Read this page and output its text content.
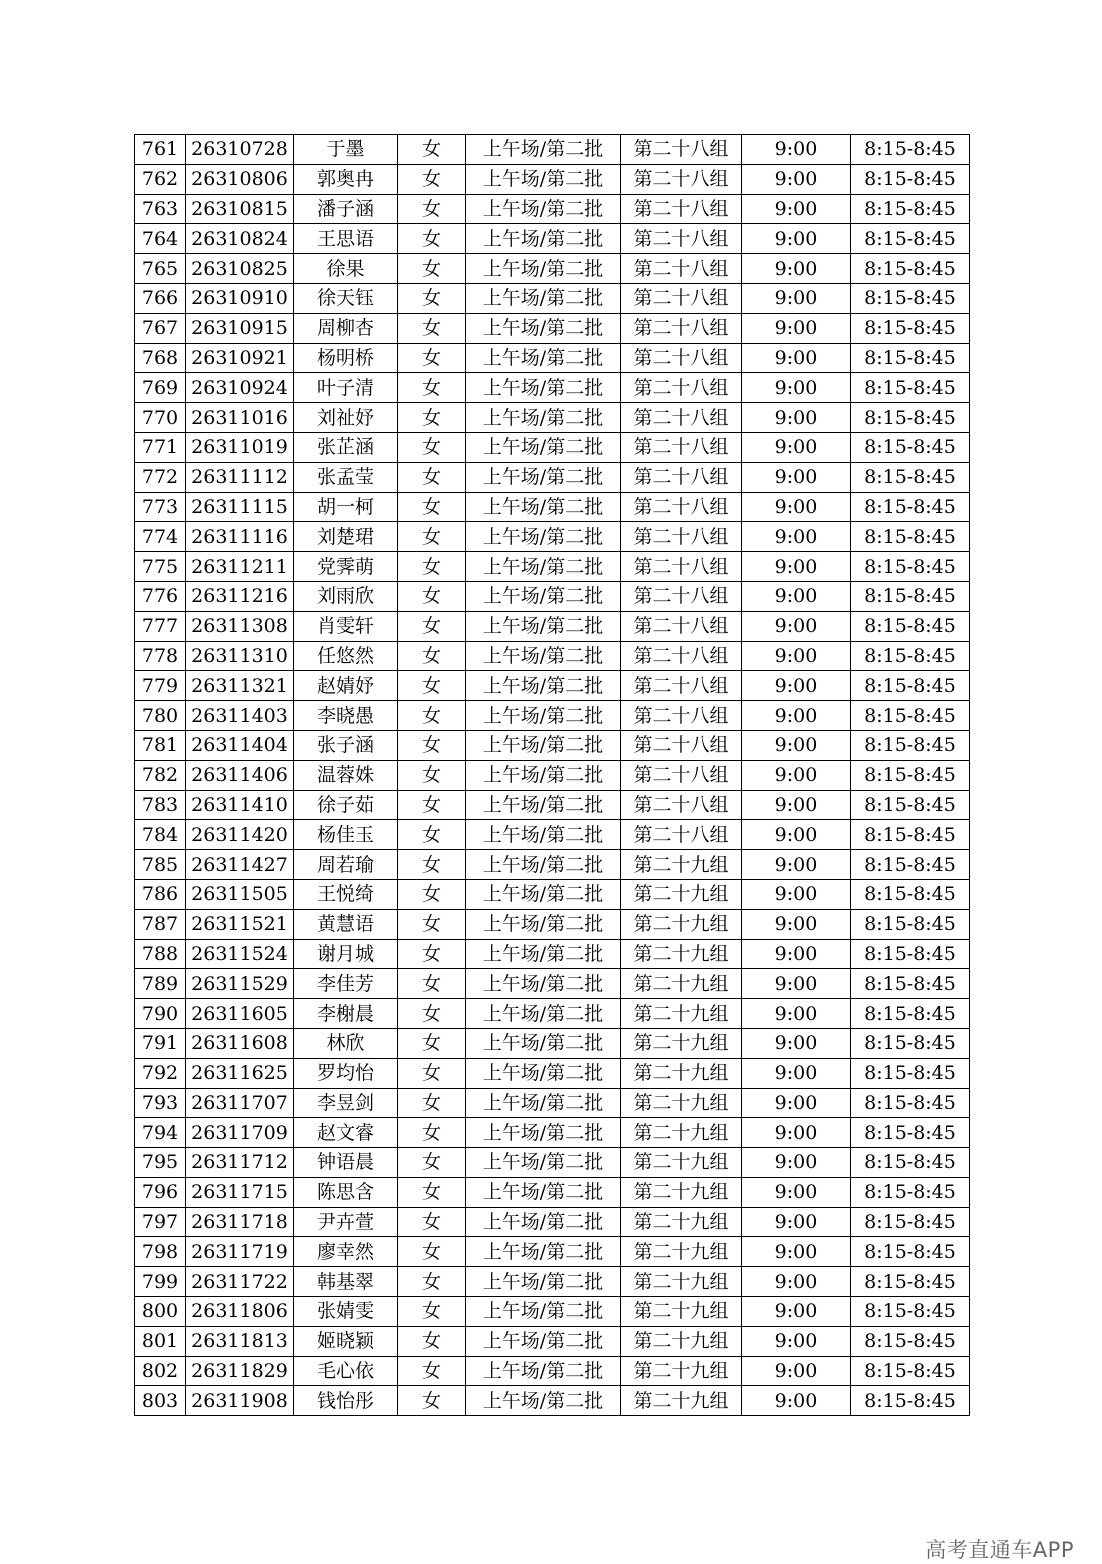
761	26310728	于墨	女	上午场/第二批	第二十八组	9:00	8:15-8:45
762	26310806	郭奥冉	女	上午场/第二批	第二十八组	9:00	8:15-8:45
763	26310815	潘子涵	女	上午场/第二批	第二十八组	9:00	8:15-8:45
764	26310824	王思语	女	上午场/第二批	第二十八组	9:00	8:15-8:45
765	26310825	徐果	女	上午场/第二批	第二十八组	9:00	8:15-8:45
766	26310910	徐天钰	女	上午场/第二批	第二十八组	9:00	8:15-8:45
767	26310915	周柳杏	女	上午场/第二批	第二十八组	9:00	8:15-8:45
768	26310921	杨明桥	女	上午场/第二批	第二十八组	9:00	8:15-8:45
769	26310924	叶子清	女	上午场/第二批	第二十八组	9:00	8:15-8:45
770	26311016	刘祉妤	女	上午场/第二批	第二十八组	9:00	8:15-8:45
771	26311019	张芷涵	女	上午场/第二批	第二十八组	9:00	8:15-8:45
772	26311112	张孟莹	女	上午场/第二批	第二十八组	9:00	8:15-8:45
773	26311115	胡一柯	女	上午场/第二批	第二十八组	9:00	8:15-8:45
774	26311116	刘楚珺	女	上午场/第二批	第二十八组	9:00	8:15-8:45
775	26311211	党霁萌	女	上午场/第二批	第二十八组	9:00	8:15-8:45
776	26311216	刘雨欣	女	上午场/第二批	第二十八组	9:00	8:15-8:45
777	26311308	肖雯轩	女	上午场/第二批	第二十八组	9:00	8:15-8:45
778	26311310	任悠然	女	上午场/第二批	第二十八组	9:00	8:15-8:45
779	26311321	赵婧妤	女	上午场/第二批	第二十八组	9:00	8:15-8:45
780	26311403	李晓愚	女	上午场/第二批	第二十八组	9:00	8:15-8:45
781	26311404	张子涵	女	上午场/第二批	第二十八组	9:00	8:15-8:45
782	26311406	温蓉姝	女	上午场/第二批	第二十八组	9:00	8:15-8:45
783	26311410	徐子茹	女	上午场/第二批	第二十八组	9:00	8:15-8:45
784	26311420	杨佳玉	女	上午场/第二批	第二十八组	9:00	8:15-8:45
785	26311427	周若瑜	女	上午场/第二批	第二十九组	9:00	8:15-8:45
786	26311505	王悦绮	女	上午场/第二批	第二十九组	9:00	8:15-8:45
787	26311521	黄慧语	女	上午场/第二批	第二十九组	9:00	8:15-8:45
788	26311524	谢月城	女	上午场/第二批	第二十九组	9:00	8:15-8:45
789	26311529	李佳芳	女	上午场/第二批	第二十九组	9:00	8:15-8:45
790	26311605	李榭晨	女	上午场/第二批	第二十九组	9:00	8:15-8:45
791	26311608	林欣	女	上午场/第二批	第二十九组	9:00	8:15-8:45
792	26311625	罗均怡	女	上午场/第二批	第二十九组	9:00	8:15-8:45
793	26311707	李昱剑	女	上午场/第二批	第二十九组	9:00	8:15-8:45
794	26311709	赵文睿	女	上午场/第二批	第二十九组	9:00	8:15-8:45
795	26311712	钟语晨	女	上午场/第二批	第二十九组	9:00	8:15-8:45
796	26311715	陈思含	女	上午场/第二批	第二十九组	9:00	8:15-8:45
797	26311718	尹卉萱	女	上午场/第二批	第二十九组	9:00	8:15-8:45
798	26311719	廖幸然	女	上午场/第二批	第二十九组	9:00	8:15-8:45
799	26311722	韩基翠	女	上午场/第二批	第二十九组	9:00	8:15-8:45
800	26311806	张婧雯	女	上午场/第二批	第二十九组	9:00	8:15-8:45
801	26311813	姬晓颖	女	上午场/第二批	第二十九组	9:00	8:15-8:45
802	26311829	毛心依	女	上午场/第二批	第二十九组	9:00	8:15-8:45
803	26311908	钱怡彤	女	上午场/第二批	第二十九组	9:00	8:15-8:45
高考直通车APP
